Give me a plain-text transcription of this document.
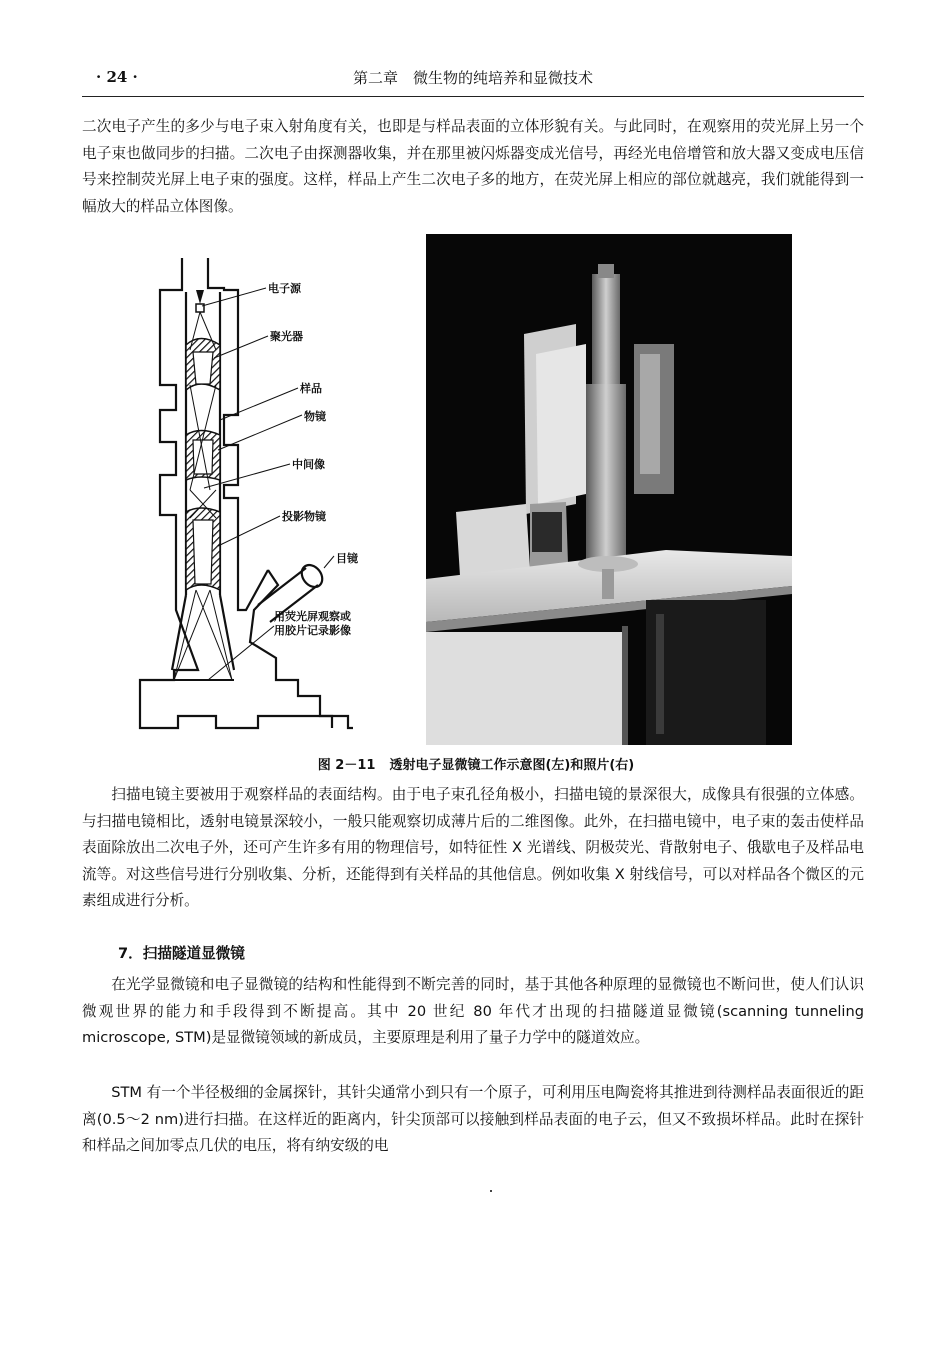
· 24 ·	第二章　微生物的纯培养和显微技术

二次电子产生的多少与电子束入射角度有关，也即是与样品表面的立体形貌有关。与此同时，在观察用的荧光屏上另一个电子束也做同步的扫描。二次电子由探测器收集，并在那里被闪烁器变成光信号，再经光电倍增管和放大器又变成电压信号来控制荧光屏上电子束的强度。这样，样品上产生二次电子多的地方，在荧光屏上相应的部位就越亮，我们就能得到一幅放大的样品立体图像。

电子源
聚光器
样品
物镜
中间像
投影物镜
目镜
用荧光屏观察或
用胶片记录影像
图 2－11 透射电子显微镜工作示意图(左)和照片(右)

扫描电镜主要被用于观察样品的表面结构。由于电子束孔径角极小，扫描电镜的景深很大，成像具有很强的立体感。与扫描电镜相比，透射电镜景深较小，一般只能观察切成薄片后的二维图像。此外，在扫描电镜中，电子束的轰击使样品表面除放出二次电子外，还可产生许多有用的物理信号，如特征性 X 光谱线、阴极荧光、背散射电子、俄歇电子及样品电流等。对这些信号进行分别收集、分析，还能得到有关样品的其他信息。例如收集 X 射线信号，可以对样品各个微区的元素组成进行分析。

7．扫描隧道显微镜

在光学显微镜和电子显微镜的结构和性能得到不断完善的同时，基于其他各种原理的显微镜也不断问世，使人们认识微观世界的能力和手段得到不断提高。其中 20 世纪 80 年代才出现的扫描隧道显微镜(scanning tunneling microscope, STM)是显微镜领域的新成员，主要原理是利用了量子力学中的隧道效应。

STM 有一个半径极细的金属探针，其针尖通常小到只有一个原子，可利用压电陶瓷将其推进到待测样品表面很近的距离(0.5～2 nm)进行扫描。在这样近的距离内，针尖顶部可以接触到样品表面的电子云，但又不致损坏样品。此时在探针和样品之间加零点几伏的电压，将有纳安级的电
